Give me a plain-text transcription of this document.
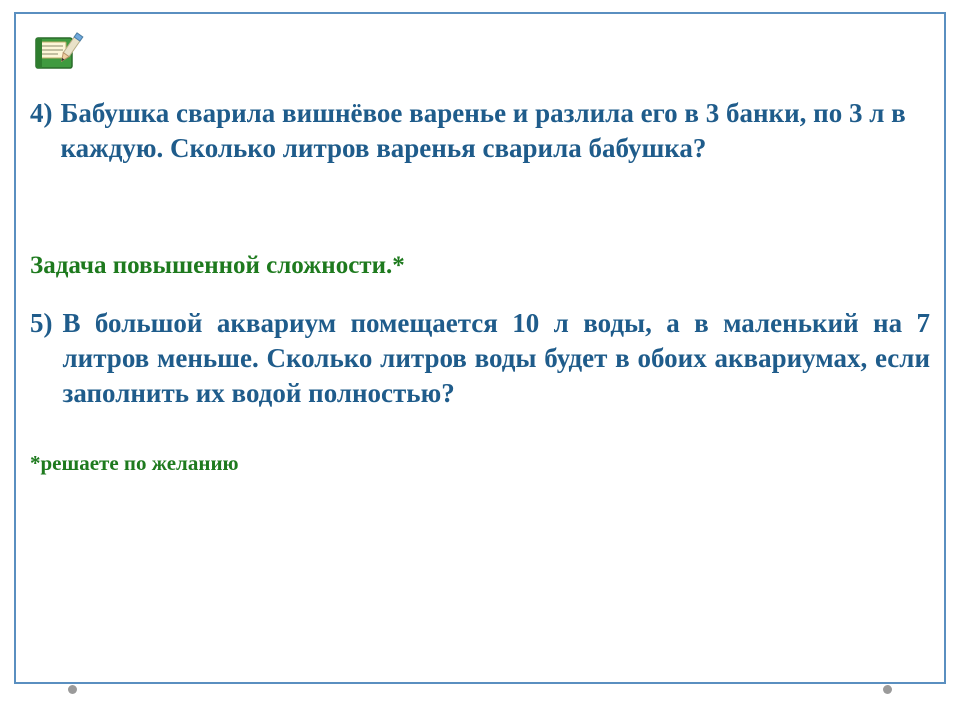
4) Бабушка сварила вишнёвое варенье и разлила его в 3 банки, по 3 л в каждую. Сколько литров варенья сварила бабушка?

Задача повышенной сложности.*

5) В большой аквариум помещается 10 л воды, а в маленький на 7 литров меньше. Сколько литров воды будет в обоих аквариумах, если заполнить их водой полностью?

*решаете по желанию
